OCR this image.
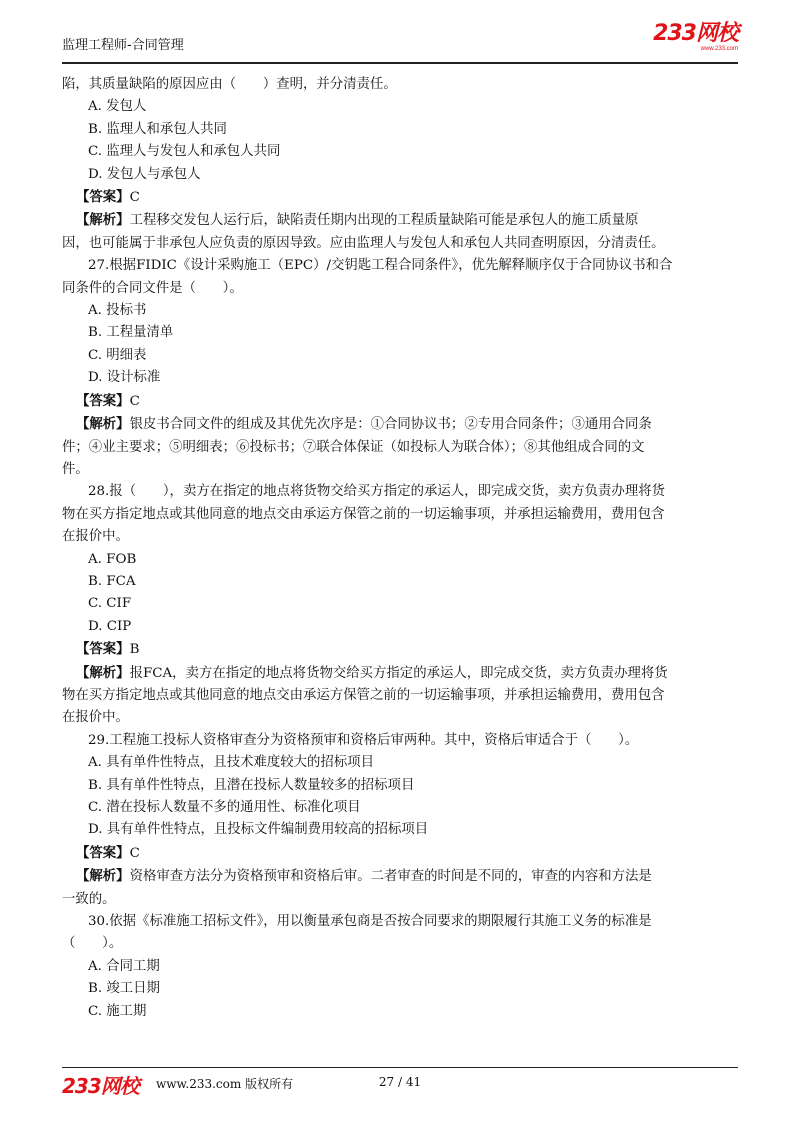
监理工程师-合同管理	233网校
www.233.com
陷，其质量缺陷的原因应由（　　）查明，并分清责任。
A. 发包人
B. 监理人和承包人共同
C. 监理人与发包人和承包人共同
D. 发包人与承包人
【答案】C
【解析】工程移交发包人运行后，缺陷责任期内出现的工程质量缺陷可能是承包人的施工质量原
因，也可能属于非承包人应负责的原因导致。应由监理人与发包人和承包人共同查明原因，分清责任。
27.根据FIDIC《设计采购施工（EPC）/交钥匙工程合同条件》，优先解释顺序仅于合同协议书和合
同条件的合同文件是（　　）。
A. 投标书
B. 工程量清单
C. 明细表
D. 设计标准
【答案】C
【解析】银皮书合同文件的组成及其优先次序是：①合同协议书；②专用合同条件；③通用合同条
件；④业主要求；⑤明细表；⑥投标书；⑦联合体保证（如投标人为联合体）；⑧其他组成合同的文
件。
28.报（　　），卖方在指定的地点将货物交给买方指定的承运人，即完成交货，卖方负责办理将货
物在买方指定地点或其他同意的地点交由承运方保管之前的一切运输事项，并承担运输费用，费用包含
在报价中。
A. FOB
B. FCA
C. CIF
D. CIP
【答案】B
【解析】报FCA，卖方在指定的地点将货物交给买方指定的承运人，即完成交货，卖方负责办理将货
物在买方指定地点或其他同意的地点交由承运方保管之前的一切运输事项，并承担运输费用，费用包含
在报价中。
29.工程施工投标人资格审查分为资格预审和资格后审两种。其中，资格后审适合于（　　）。
A. 具有单件性特点，且技术难度较大的招标项目
B. 具有单件性特点，且潜在投标人数量较多的招标项目
C. 潜在投标人数量不多的通用性、标准化项目
D. 具有单件性特点，且投标文件编制费用较高的招标项目
【答案】C
【解析】资格审查方法分为资格预审和资格后审。二者审查的时间是不同的，审查的内容和方法是
一致的。
30.依据《标准施工招标文件》，用以衡量承包商是否按合同要求的期限履行其施工义务的标准是
（　　）。
A. 合同工期
B. 竣工日期
C. 施工期
233网校 www.233.com 版权所有	27 / 41
